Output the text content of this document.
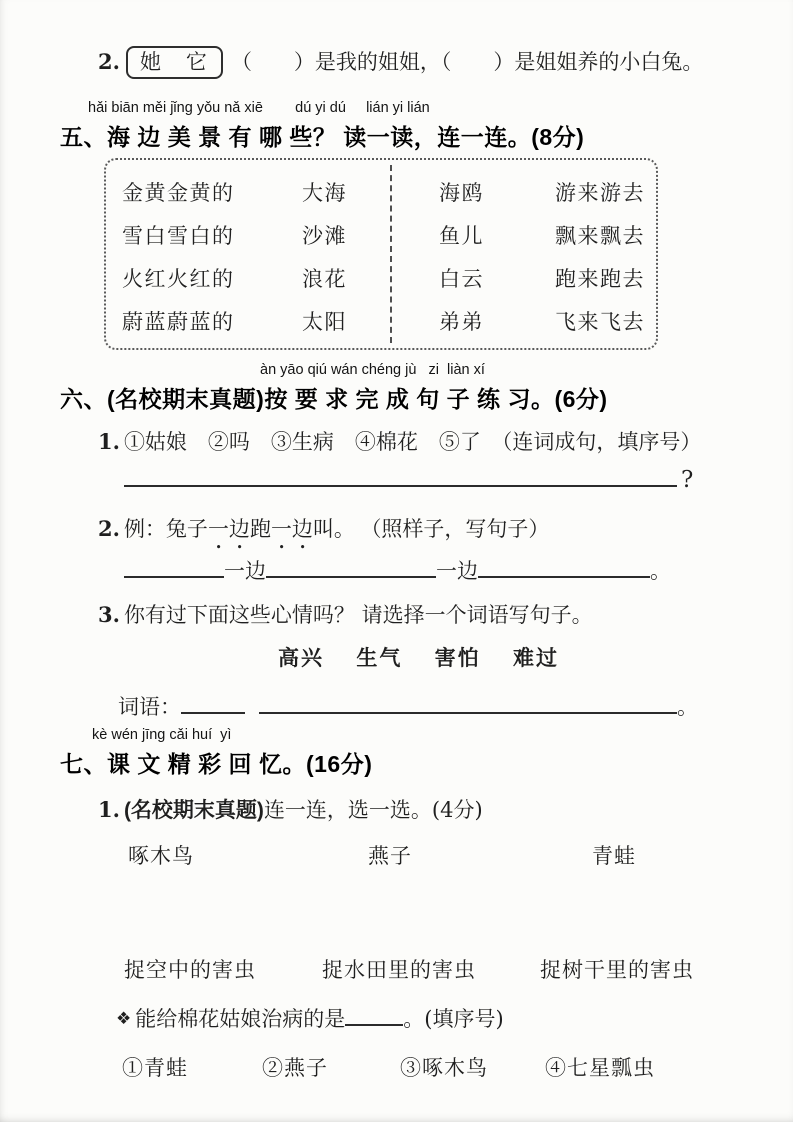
2. 她　它 （　　）是我的姐姐，（　　）是姐姐养的小白兔。
hǎi biān měi jǐng yǒu nǎ xiē        dú yi dú     lián yi lián
五、海 边 美 景 有 哪 些？ 读一读，连一连。(8分)
金黄金黄的	大海	海鸥	游来游去
雪白雪白的	沙滩	鱼儿	飘来飘去
火红火红的	浪花	白云	跑来跑去
蔚蓝蔚蓝的	太阳	弟弟	飞来飞去
àn yāo qiú wán chéng jù   zi  liàn xí
六、(名校期末真题)按 要 求 完 成 句 子 练 习。(6分)
1. ①姑娘　②吗　③生病　④棉花　⑤了　（连词成句，填序号）
?
2. 例：兔子一边跑一边叫。 （照样子，写句子）
一边	一边	。
3. 你有过下面这些心情吗？ 请选择一个词语写句子。
高兴　 生气　 害怕　 难过
词语：	。
kè wén jīng cǎi huí  yì
七、课 文 精 彩 回 忆。(16分)
1. (名校期末真题)连一连，选一选。(4分)
啄木鸟	燕子	青蛙
捉空中的害虫	捉水田里的害虫	捉树干里的害虫
❖ 能给棉花姑娘治病的是	。(填序号)
①青蛙	②燕子	③啄木鸟	④七星瓢虫
